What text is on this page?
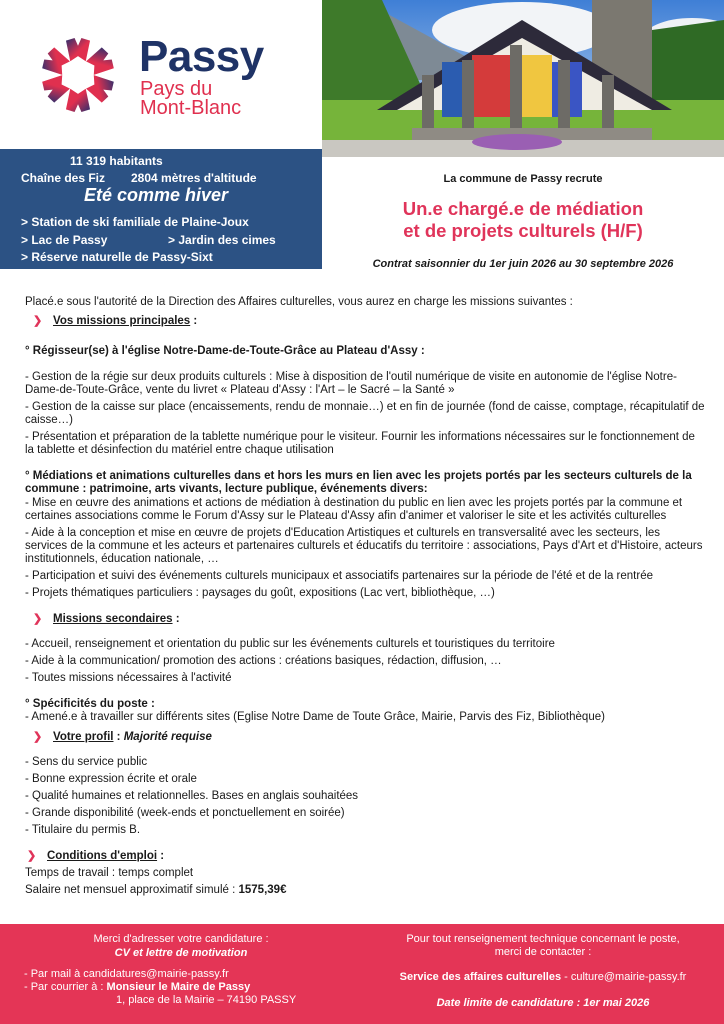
Passy
Pays du
Mont-Blanc
11 319 habitants
Chaîne des Fiz 2804 mètres d'altitude
Eté comme hiver
> Station de ski familiale de Plaine-Joux
> Lac de Passy	> Jardin des cimes
> Réserve naturelle de Passy-Sixt
La commune de Passy recrute
Un.e chargé.e de médiation
et de projets culturels (H/F)
Contrat saisonnier du 1er juin 2026 au 30 septembre 2026

Placé.e sous l'autorité de la Direction des Affaires culturelles, vous aurez en charge les missions suivantes :

❯ Vos missions principales :

° Régisseur(se) à l'église Notre-Dame-de-Toute-Grâce au Plateau d'Assy :

- Gestion de la régie sur deux produits culturels : Mise à disposition de l'outil numérique de visite en autonomie de l'église Notre-Dame-de-Toute-Grâce, vente du livret « Plateau d'Assy : l'Art – le Sacré – la Santé »

- Gestion de la caisse sur place (encaissements, rendu de monnaie…) et en fin de journée (fond de caisse, comptage, récapitulatif de caisse…)

- Présentation et préparation de la tablette numérique pour le visiteur. Fournir les informations nécessaires sur le fonctionnement de la tablette et désinfection du matériel entre chaque utilisation

° Médiations et animations culturelles dans et hors les murs en lien avec les projets portés par les secteurs culturels de la commune : patrimoine, arts vivants, lecture publique, événements divers:

- Mise en œuvre des animations et actions de médiation à destination du public en lien avec les projets portés par la commune et certaines associations comme le Forum d'Assy sur le Plateau d'Assy afin d'animer et valoriser le site et les activités culturelles

- Aide à la conception et mise en œuvre de projets d'Education Artistiques et culturels en transversalité avec les secteurs, les services de la commune et les acteurs et partenaires culturels et éducatifs du territoire : associations, Pays d'Art et d'Histoire, acteurs institutionnels, éducation nationale, …

- Participation et suivi des événements culturels municipaux et associatifs partenaires sur la période de l'été et de la rentrée

- Projets thématiques particuliers : paysages du goût, expositions (Lac vert, bibliothèque, …)

❯ Missions secondaires :

- Accueil, renseignement et orientation du public sur les événements culturels et touristiques du territoire

- Aide à la communication/ promotion des actions : créations basiques, rédaction, diffusion, …

- Toutes missions nécessaires à l'activité

° Spécificités du poste :

- Amené.e à travailler sur différents sites (Eglise Notre Dame de Toute Grâce, Mairie, Parvis des Fiz, Bibliothèque)

❯ Votre profil : Majorité requise

- Sens du service public

- Bonne expression écrite et orale

- Qualité humaines et relationnelles. Bases en anglais souhaitées

- Grande disponibilité (week-ends et ponctuellement en soirée)

- Titulaire du permis B.

❯ Conditions d'emploi :

Temps de travail : temps complet

Salaire net mensuel approximatif simulé : 1575,39€

Merci d'adresser votre candidature :
CV et lettre de motivation
- Par mail à candidatures@mairie-passy.fr
- Par courrier à : Monsieur le Maire de Passy
1, place de la Mairie – 74190 PASSY
Pour tout renseignement technique concernant le poste,
merci de contacter :
Service des affaires culturelles - culture@mairie-passy.fr
Date limite de candidature : 1er mai 2026
